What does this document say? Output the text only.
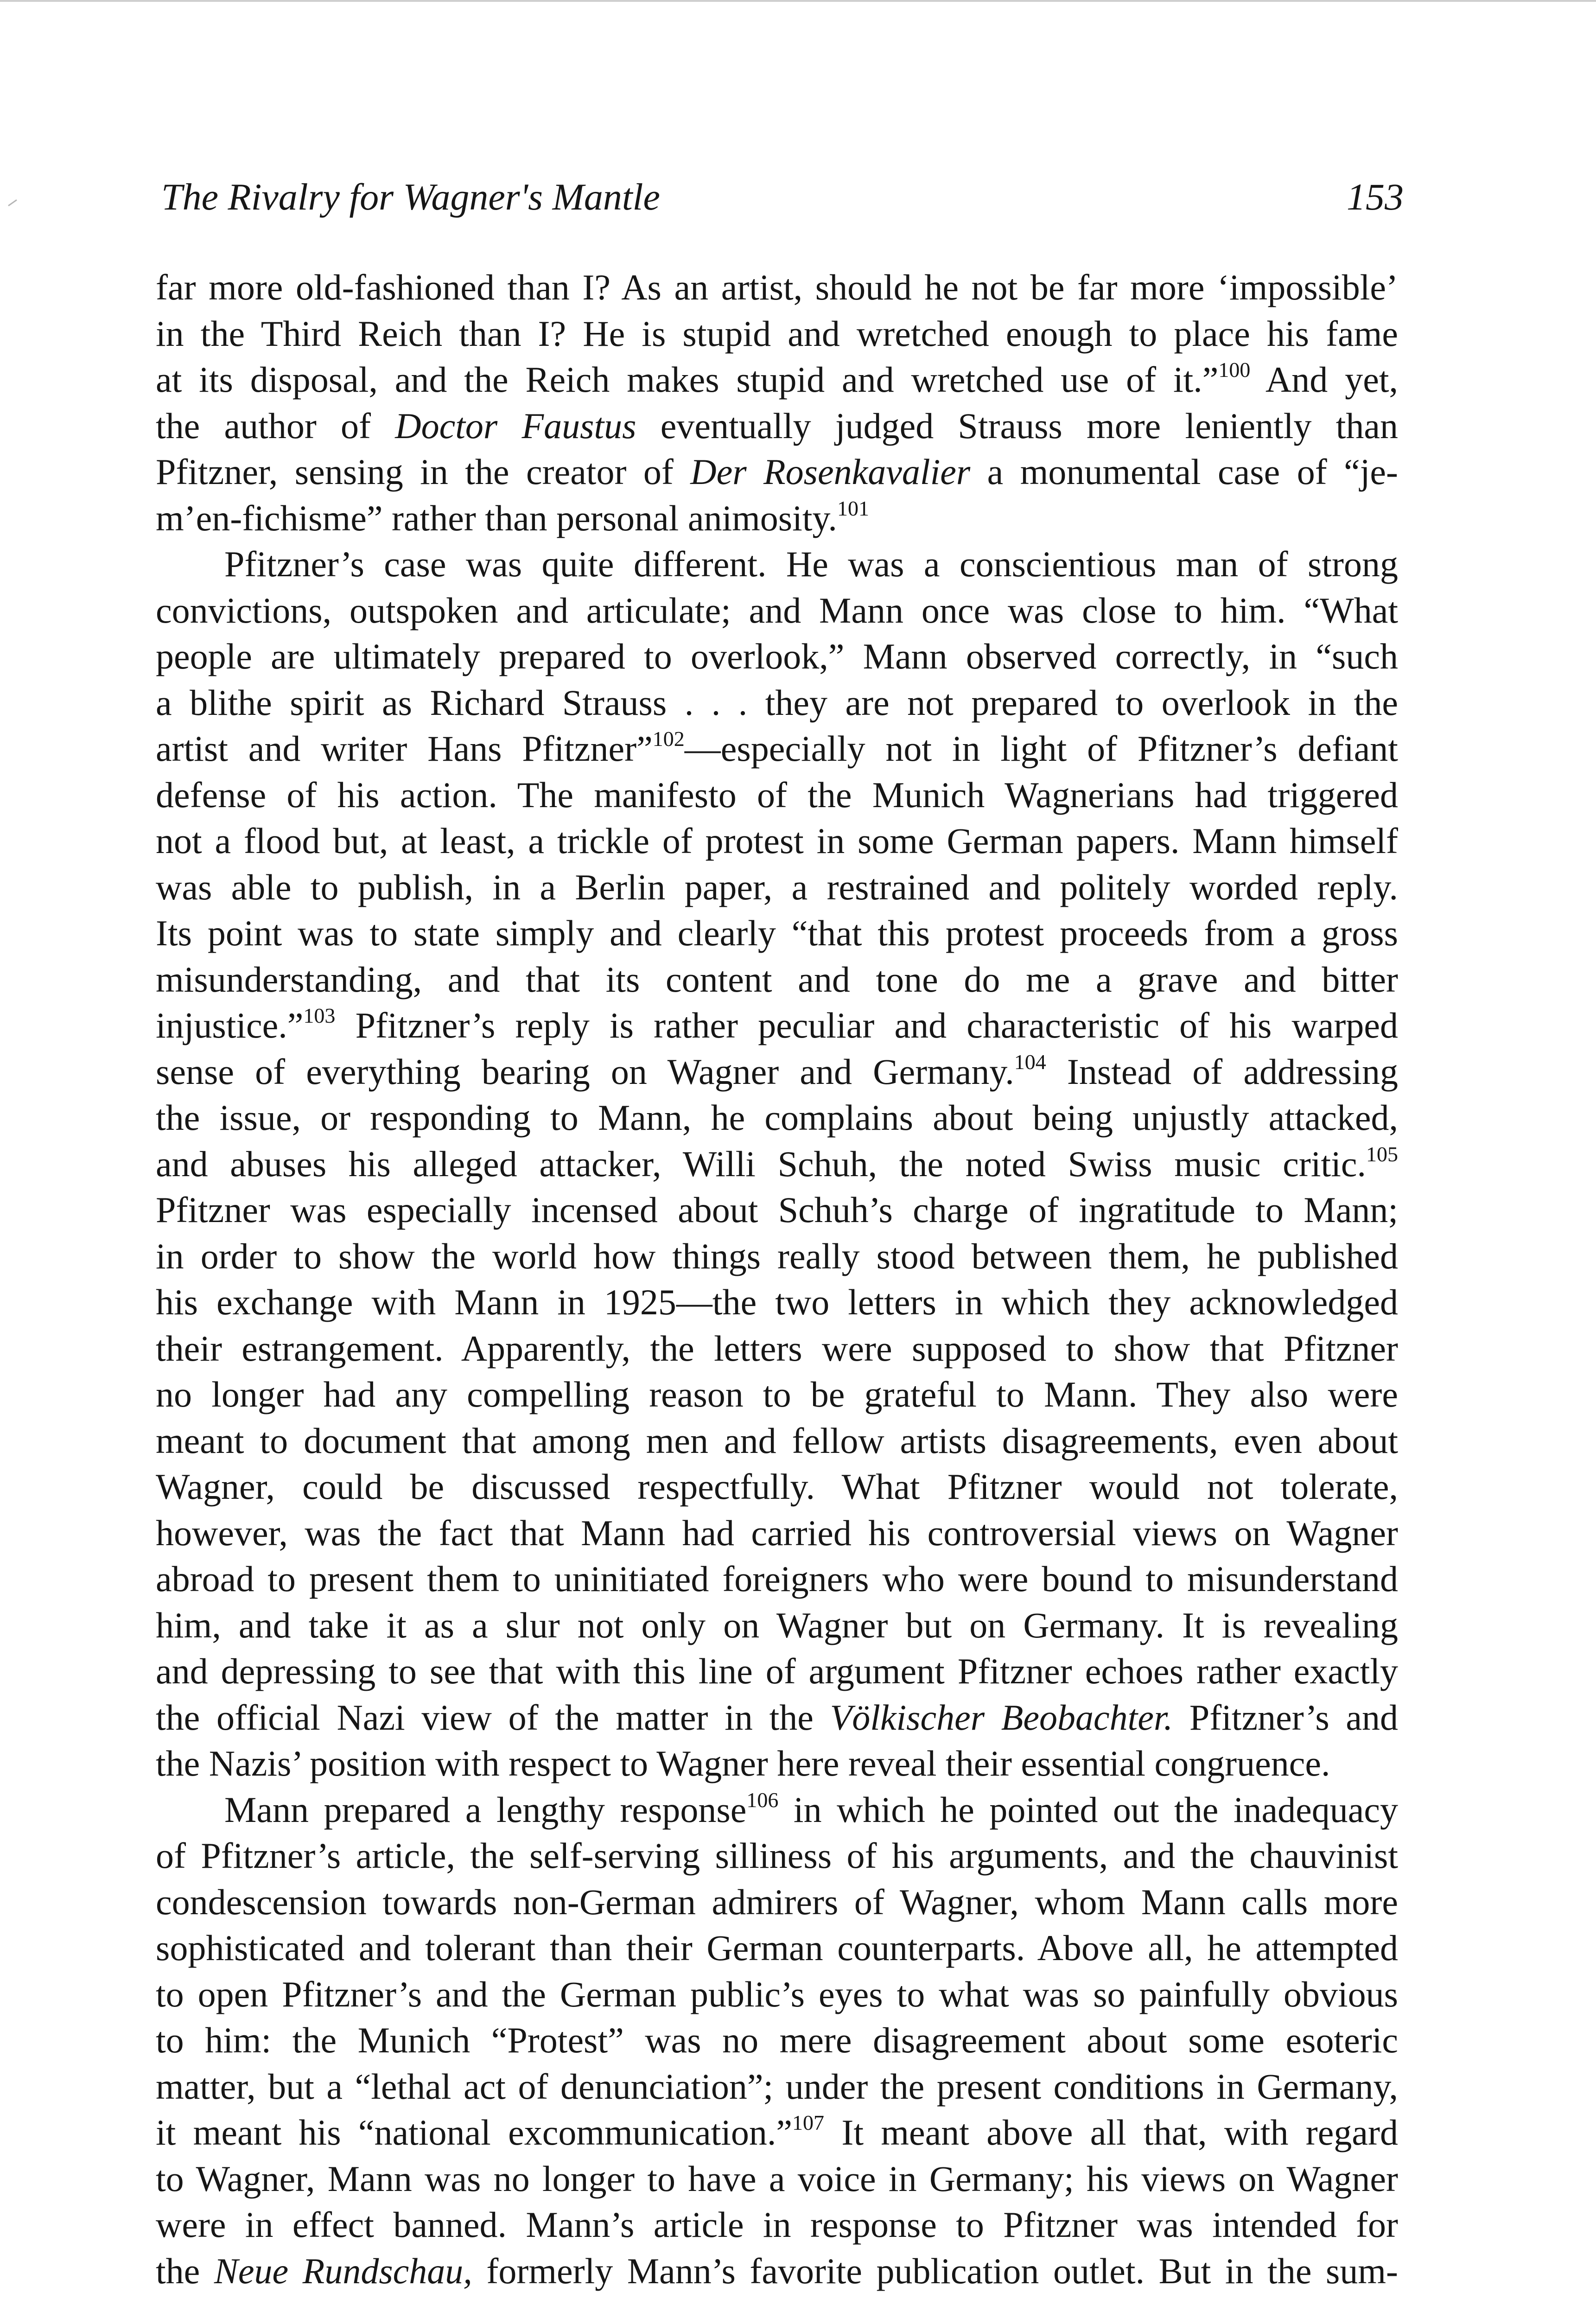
The Rivalry for Wagner's Mantle	153
far more old-fashioned than I? As an artist, should he not be far more ‘impossible’
in the Third Reich than I? He is stupid and wretched enough to place his fame
at its disposal, and the Reich makes stupid and wretched use of it.”$^{100}$ And yet,
the author of Doctor Faustus eventually judged Strauss more leniently than
Pfitzner, sensing in the creator of Der Rosenkavalier a monumental case of “je-
m’en-fichisme” rather than personal animosity.$^{101}$
Pfitzner’s case was quite different. He was a conscientious man of strong
convictions, outspoken and articulate; and Mann once was close to him. “What
people are ultimately prepared to overlook,” Mann observed correctly, in “such
a blithe spirit as Richard Strauss . . . they are not prepared to overlook in the
artist and writer Hans Pfitzner”$^{102}$—especially not in light of Pfitzner’s defiant
defense of his action. The manifesto of the Munich Wagnerians had triggered
not a flood but, at least, a trickle of protest in some German papers. Mann himself
was able to publish, in a Berlin paper, a restrained and politely worded reply.
Its point was to state simply and clearly “that this protest proceeds from a gross
misunderstanding, and that its content and tone do me a grave and bitter
injustice.”$^{103}$ Pfitzner’s reply is rather peculiar and characteristic of his warped
sense of everything bearing on Wagner and Germany.$^{104}$ Instead of addressing
the issue, or responding to Mann, he complains about being unjustly attacked,
and abuses his alleged attacker, Willi Schuh, the noted Swiss music critic.$^{105}$
Pfitzner was especially incensed about Schuh’s charge of ingratitude to Mann;
in order to show the world how things really stood between them, he published
his exchange with Mann in 1925—the two letters in which they acknowledged
their estrangement. Apparently, the letters were supposed to show that Pfitzner
no longer had any compelling reason to be grateful to Mann. They also were
meant to document that among men and fellow artists disagreements, even about
Wagner, could be discussed respectfully. What Pfitzner would not tolerate,
however, was the fact that Mann had carried his controversial views on Wagner
abroad to present them to uninitiated foreigners who were bound to misunderstand
him, and take it as a slur not only on Wagner but on Germany. It is revealing
and depressing to see that with this line of argument Pfitzner echoes rather exactly
the official Nazi view of the matter in the Völkischer Beobachter. Pfitzner’s and
the Nazis’ position with respect to Wagner here reveal their essential congruence.
Mann prepared a lengthy response$^{106}$ in which he pointed out the inadequacy
of Pfitzner’s article, the self-serving silliness of his arguments, and the chauvinist
condescension towards non-German admirers of Wagner, whom Mann calls more
sophisticated and tolerant than their German counterparts. Above all, he attempted
to open Pfitzner’s and the German public’s eyes to what was so painfully obvious
to him: the Munich “Protest” was no mere disagreement about some esoteric
matter, but a “lethal act of denunciation”; under the present conditions in Germany,
it meant his “national excommunication.”$^{107}$ It meant above all that, with regard
to Wagner, Mann was no longer to have a voice in Germany; his views on Wagner
were in effect banned. Mann’s article in response to Pfitzner was intended for
the Neue Rundschau, formerly Mann’s favorite publication outlet. But in the sum-
